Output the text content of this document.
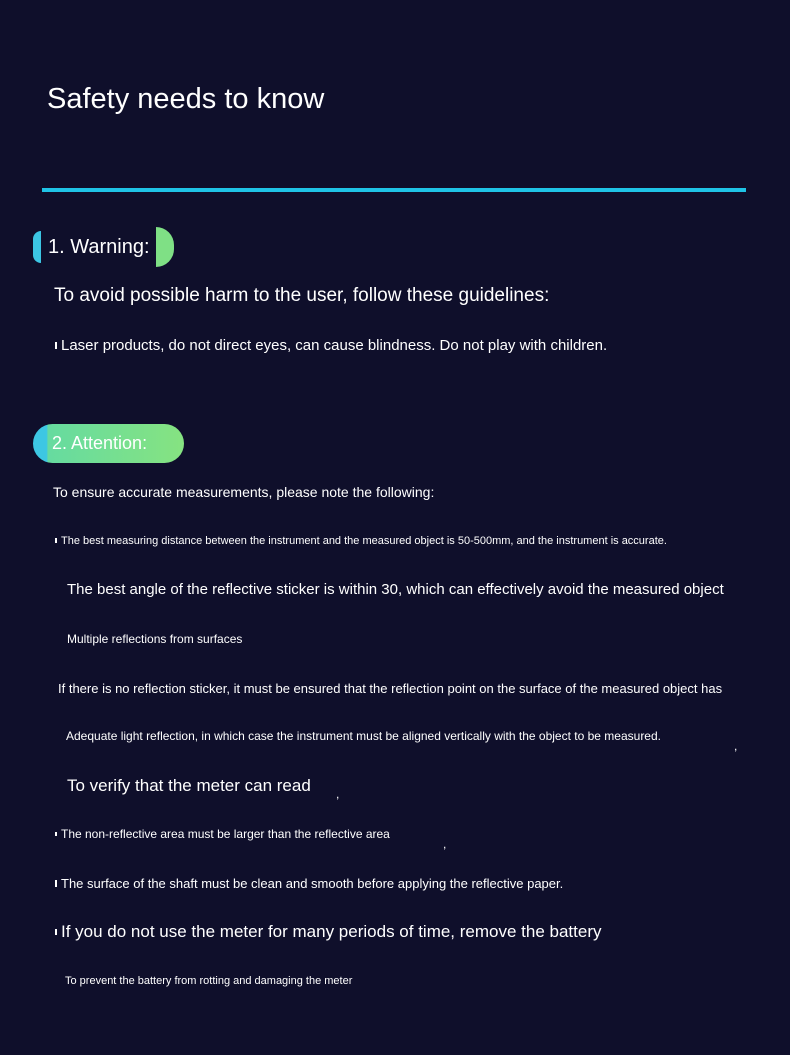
Safety needs to know
1. Warning:

To avoid possible harm to the user, follow these guidelines:

Laser products, do not direct eyes, can cause blindness. Do not play with children.

2. Attention:

To ensure accurate measurements, please note the following:

The best measuring distance between the instrument and the measured object is 50-500mm, and the instrument is accurate.

The best angle of the reflective sticker is within 30, which can effectively avoid the measured object

Multiple reflections from surfaces

If there is no reflection sticker, it must be ensured that the reflection point on the surface of the measured object has

Adequate light reflection, in which case the instrument must be aligned vertically with the object to be measured.

,

To verify that the meter can read ,

The non-reflective area must be larger than the reflective area

,

The surface of the shaft must be clean and smooth before applying the reflective paper.

If you do not use the meter for many periods of time, remove the battery

To prevent the battery from rotting and damaging the meter
